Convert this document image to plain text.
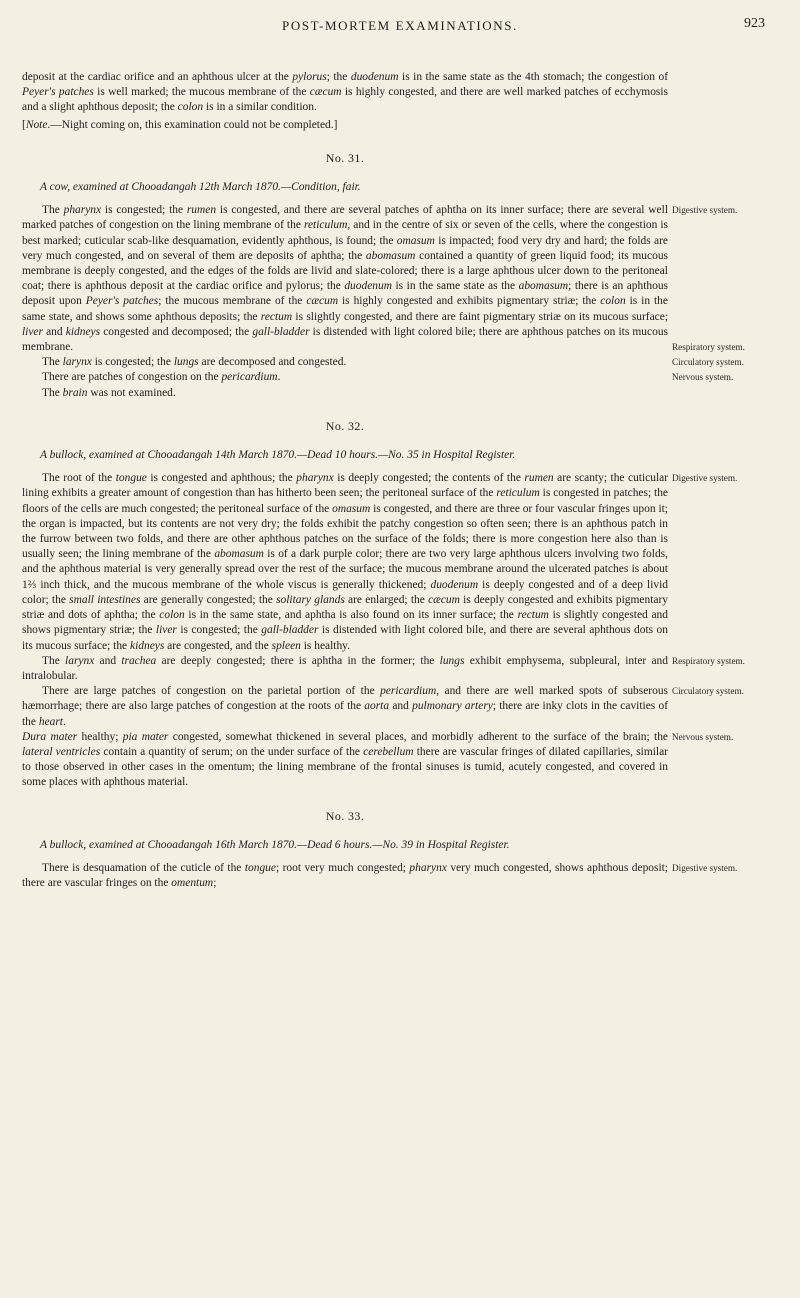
POST-MORTEM EXAMINATIONS.	923

deposit at the cardiac orifice and an aphthous ulcer at the pylorus; the duodenum is in the same state as the 4th stomach; the congestion of Peyer's patches is well marked; the mucous membrane of the cæcum is highly congested, and there are well marked patches of ecchymosis and a slight aphthous deposit; the colon is in a similar condition.

[Note.—Night coming on, this examination could not be completed.]

No. 31.

A cow, examined at Chooadangah 12th March 1870.—Condition, fair.

The pharynx is congested; the rumen is congested, and there are several patches of aphtha on its inner surface; there are several well marked patches of congestion on the lining membrane of the reticulum, and in the centre of six or seven of the cells, where the congestion is best marked; cuticular scab-like desquamation, evidently aphthous, is found; the omasum is impacted; food very dry and hard; the folds are very much congested, and on several of them are deposits of aphtha; the abomasum contained a quantity of green liquid food; its mucous membrane is deeply congested, and the edges of the folds are livid and slate-colored; there is a large aphthous ulcer down to the peritoneal coat; there is aphthous deposit at the cardiac orifice and pylorus; the duodenum is in the same state as the abomasum; there is an aphthous deposit upon Peyer's patches; the mucous membrane of the cæcum is highly congested and exhibits pigmentary striæ; the colon is in the same state, and shows some aphthous deposits; the rectum is slightly congested, and there are faint pigmentary striæ on its mucous surface; liver and kidneys congested and decomposed; the gall-bladder is distended with light colored bile; there are aphthous patches on its mucous membrane.

The larynx is congested; the lungs are decomposed and congested.

There are patches of congestion on the pericardium.

The brain was not examined.

No. 32.

A bullock, examined at Chooadangah 14th March 1870.—Dead 10 hours.—No. 35 in Hospital Register.

The root of the tongue is congested and aphthous; the pharynx is deeply congested; the contents of the rumen are scanty; the cuticular lining exhibits a greater amount of congestion than has hitherto been seen; the peritoneal surface of the reticulum is congested in patches; the floors of the cells are much congested; the peritoneal surface of the omasum is congested, and there are three or four vascular fringes upon it; the organ is impacted, but its contents are not very dry; the folds exhibit the patchy congestion so often seen; there is an aphthous patch in the furrow between two folds, and there are other aphthous patches on the surface of the folds; there is more congestion here also than is usually seen; the lining membrane of the abomasum is of a dark purple color; there are two very large aphthous ulcers involving two folds, and the aphthous material is very generally spread over the rest of the surface; the mucous membrane around the ulcerated patches is about 1⅔ inch thick, and the mucous membrane of the whole viscus is generally thickened; duodenum is deeply congested and of a deep livid color; the small intestines are generally congested; the solitary glands are enlarged; the cæcum is deeply congested and exhibits pigmentary striæ and dots of aphtha; the colon is in the same state, and aphtha is also found on its inner surface; the rectum is slightly congested and shows pigmentary striæ; the liver is congested; the gall-bladder is distended with light colored bile, and there are several aphthous dots on its mucous surface; the kidneys are congested, and the spleen is healthy.

The larynx and trachea are deeply congested; there is aphtha in the former; the lungs exhibit emphysema, subpleural, inter and intralobular.

There are large patches of congestion on the parietal portion of the pericardium, and there are well marked spots of subserous hæmorrhage; there are also large patches of congestion at the roots of the aorta and pulmonary artery; there are inky clots in the cavities of the heart.

Dura mater healthy; pia mater congested, somewhat thickened in several places, and morbidly adherent to the surface of the brain; the lateral ventricles contain a quantity of serum; on the under surface of the cerebellum there are vascular fringes of dilated capillaries, similar to those observed in other cases in the omentum; the lining membrane of the frontal sinuses is tumid, acutely congested, and covered in some places with aphthous material.

No. 33.

A bullock, examined at Chooadangah 16th March 1870.—Dead 6 hours.—No. 39 in Hospital Register.

There is desquamation of the cuticle of the tongue; root very much congested; pharynx very much congested, shows aphthous deposit; there are vascular fringes on the omentum;

Digestive system.
Respiratory system.
Circulatory system.
Nervous system.
Digestive system.
Respiratory system.
Circulatory system.
Nervous system.
Digestive system.
